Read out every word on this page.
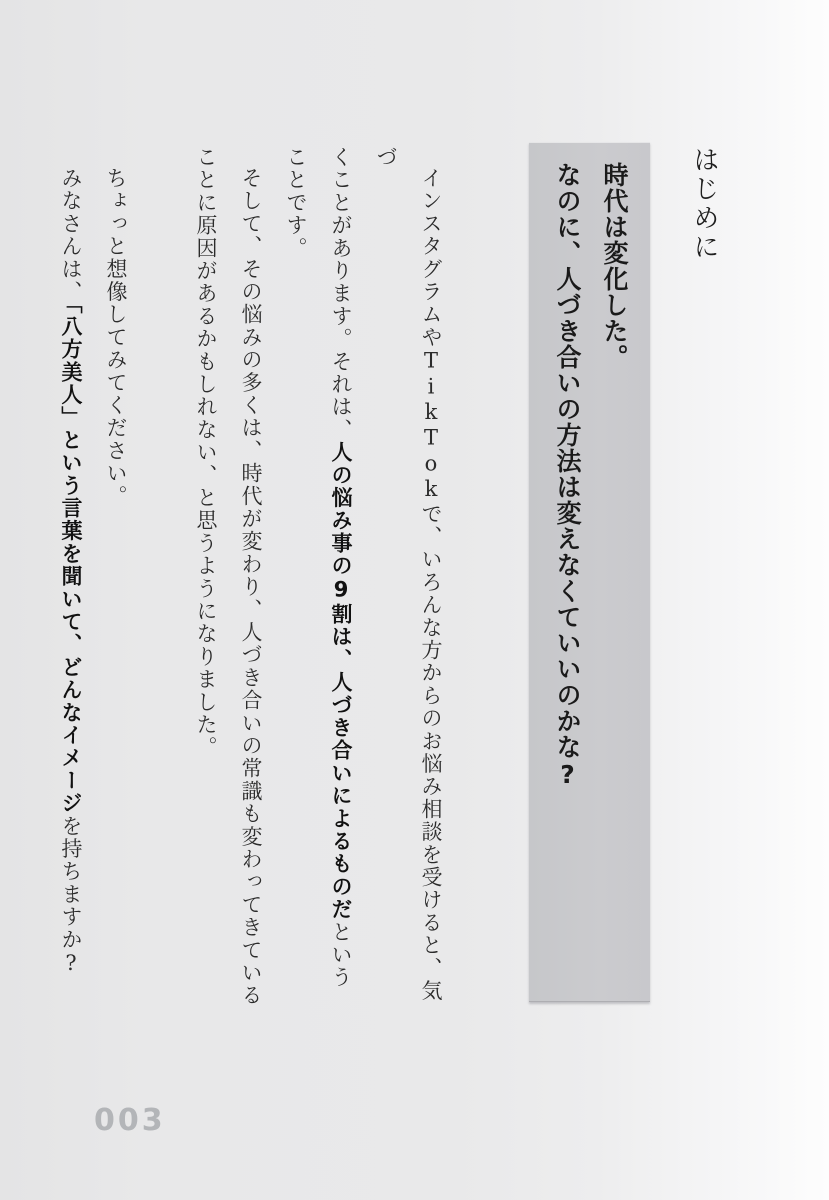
はじめに

時代は変化した。

なのに、人づき合いの方法は変えなくていいのかな?

インスタグラムやTikTokで、いろんな方からのお悩み相談を受けると、気づ
くことがあります。それは、人の悩み事の9割は、人づき合いによるものだという
ことです。

そして、その悩みの多くは、時代が変わり、人づき合いの常識も変わってきている
ことに原因があるかもしれない、と思うようになりました。

ちょっと想像してみてください。

みなさんは、「八方美人」という言葉を聞いて、どんなイメージを持ちますか?

003
